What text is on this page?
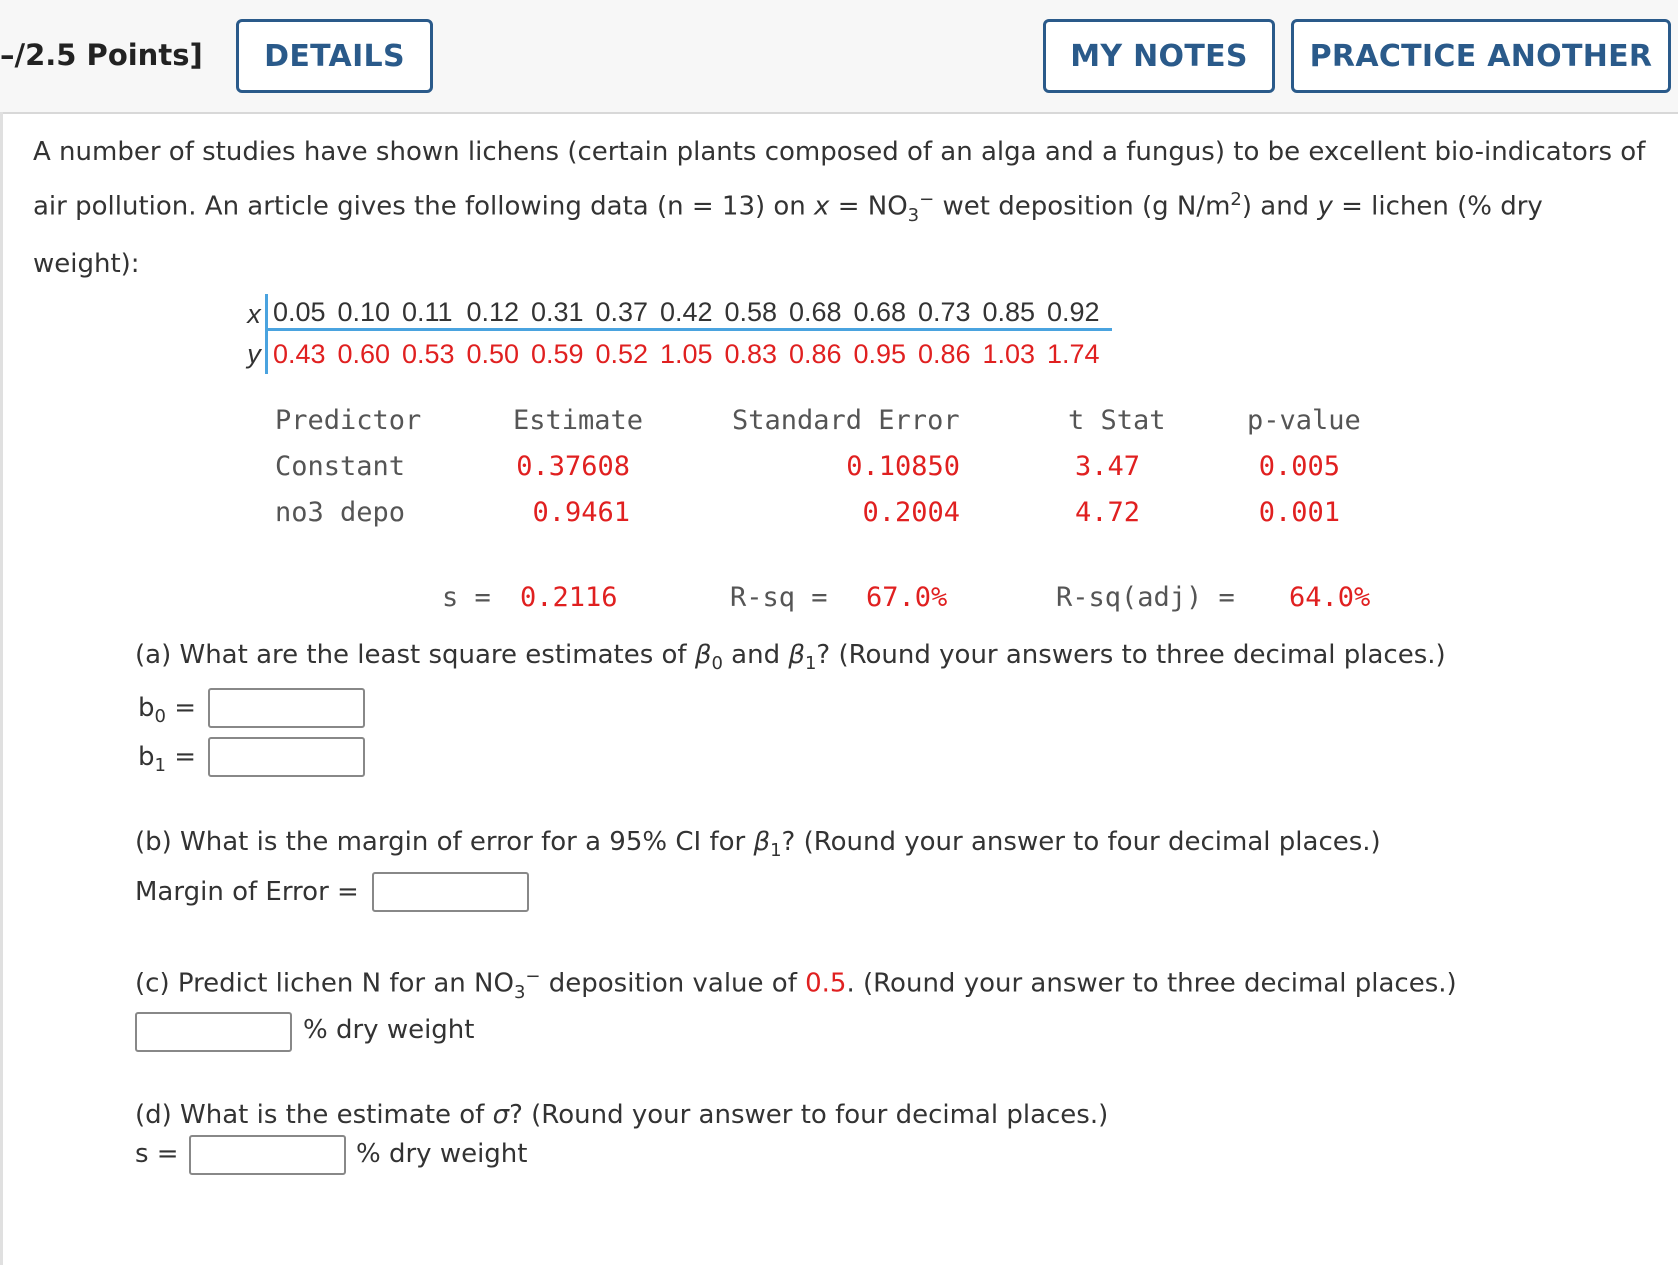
–/2.5 Points]	DETAILS	MY NOTES	PRACTICE ANOTHER
A number of studies have shown lichens (certain plants composed of an alga and a fungus) to be excellent bio-indicators of
air pollution. An article gives the following data (n = 13) on $x = NO_3^-$ wet deposition (g $N/m^2$) and y = lichen (% dry
weight):
x 0.05 0.10 0.11 0.12 0.31 0.37 0.42 0.58 0.68 0.68 0.73 0.85 0.92
y 0.43 0.60 0.53 0.50 0.59 0.52 1.05 0.83 0.86 0.95 0.86 1.03 1.74
Predictor	Estimate	Standard Error	t Stat	p-value
Constant	0.37608	0.10850	3.47	0.005
no3 depo	0.9461	0.2004	4.72	0.001
s = 0.2116	R-sq = 67.0%	R-sq(adj) = 64.0%
(a) What are the least square estimates of $\beta_0$ and $\beta_1$? (Round your answers to three decimal places.)
$b_0$ =
$b_1$ =
(b) What is the margin of error for a 95% CI for $\beta_1$? (Round your answer to four decimal places.)
Margin of Error =
(c) Predict lichen N for an $NO_3^-$ deposition value of 0.5. (Round your answer to three decimal places.)
% dry weight
(d) What is the estimate of σ? (Round your answer to four decimal places.)
s =	% dry weight
